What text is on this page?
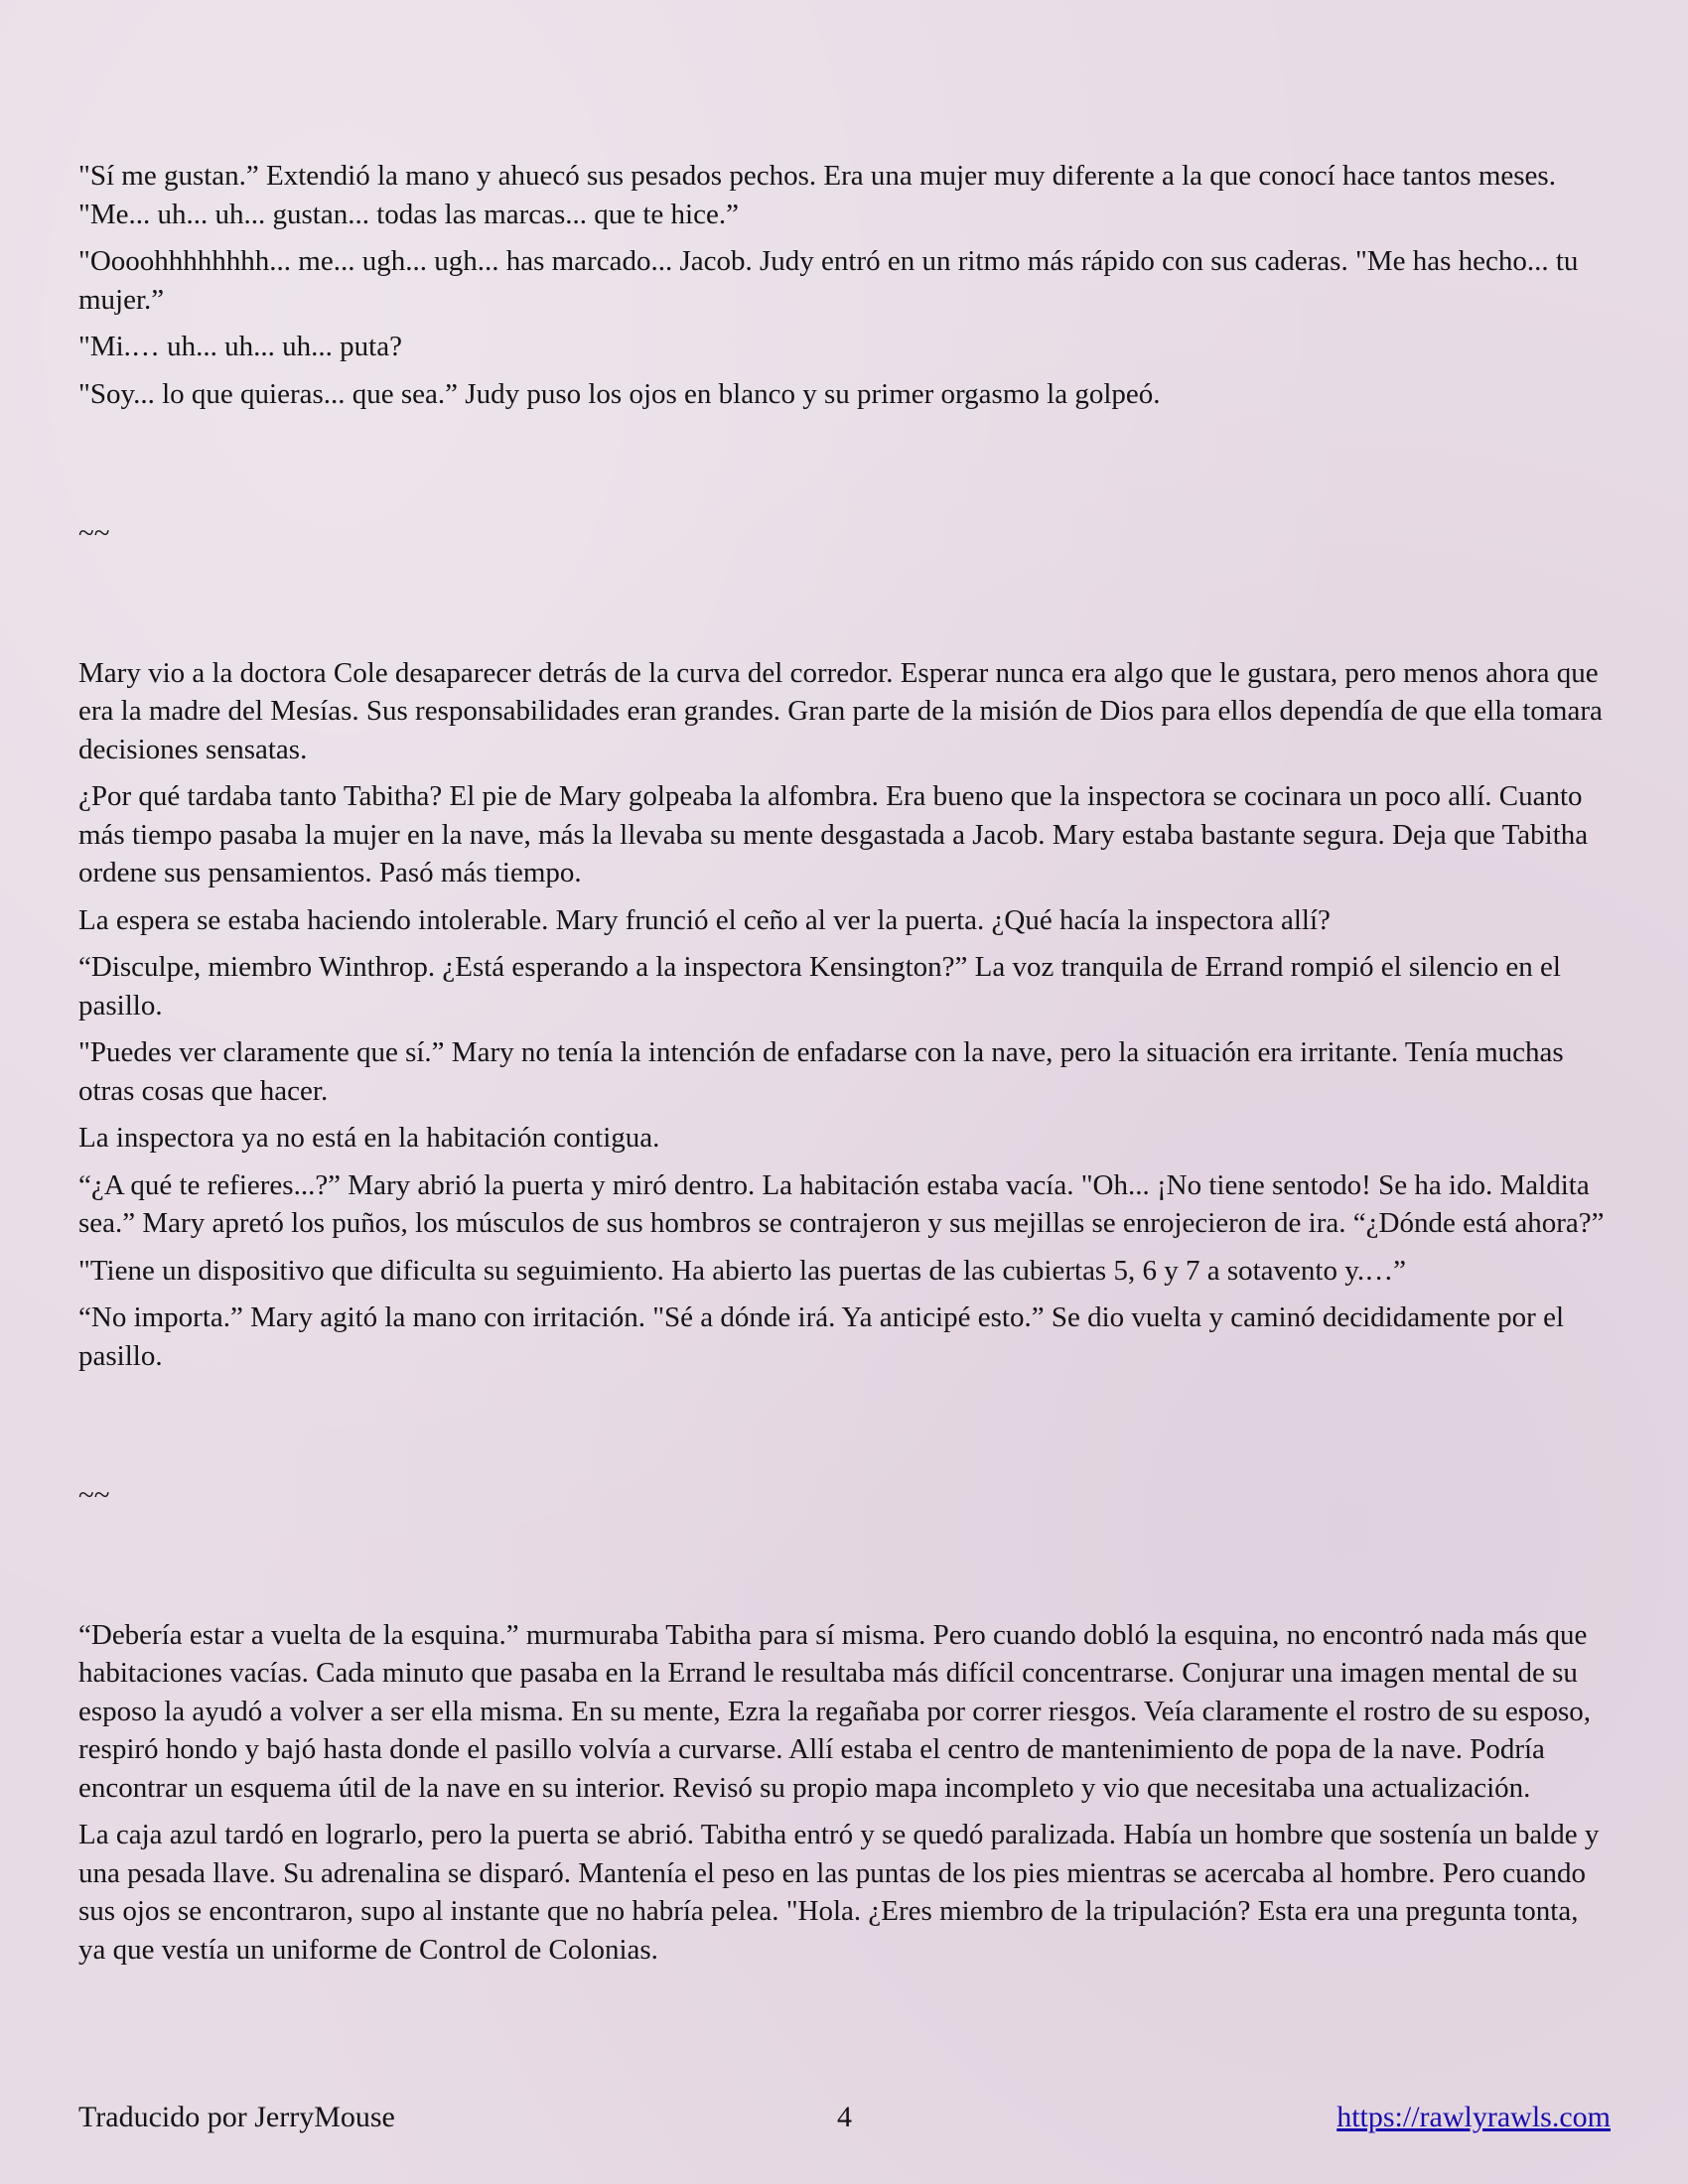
"Sí me gustan.” Extendió la mano y ahuecó sus pesados pechos. Era una mujer muy diferente a la que conocí hace tantos meses. "Me... uh... uh... gustan... todas las marcas... que te hice.”

"Oooohhhhhhhh... me... ugh... ugh... has marcado... Jacob. Judy entró en un ritmo más rápido con sus caderas. "Me has hecho... tu mujer.”

"Mi.… uh... uh... uh... puta?

"Soy... lo que quieras... que sea.” Judy puso los ojos en blanco y su primer orgasmo la golpeó.

~~

Mary vio a la doctora Cole desaparecer detrás de la curva del corredor. Esperar nunca era algo que le gustara, pero menos ahora que era la madre del Mesías. Sus responsabilidades eran grandes. Gran parte de la misión de Dios para ellos dependía de que ella tomara decisiones sensatas.

¿Por qué tardaba tanto Tabitha? El pie de Mary golpeaba la alfombra. Era bueno que la inspectora se cocinara un poco allí. Cuanto más tiempo pasaba la mujer en la nave, más la llevaba su mente desgastada a Jacob. Mary estaba bastante segura. Deja que Tabitha ordene sus pensamientos. Pasó más tiempo.

La espera se estaba haciendo intolerable. Mary frunció el ceño al ver la puerta. ¿Qué hacía la inspectora allí?

“Disculpe, miembro Winthrop. ¿Está esperando a la inspectora Kensington?” La voz tranquila de Errand rompió el silencio en el pasillo.

"Puedes ver claramente que sí.” Mary no tenía la intención de enfadarse con la nave, pero la situación era irritante. Tenía muchas otras cosas que hacer.

La inspectora ya no está en la habitación contigua.

“¿A qué te refieres...?” Mary abrió la puerta y miró dentro. La habitación estaba vacía. "Oh... ¡No tiene sentodo! Se ha ido. Maldita sea.” Mary apretó los puños, los músculos de sus hombros se contrajeron y sus mejillas se enrojecieron de ira. “¿Dónde está ahora?”

"Tiene un dispositivo que dificulta su seguimiento. Ha abierto las puertas de las cubiertas 5, 6 y 7 a sotavento y.…”

“No importa.” Mary agitó la mano con irritación. "Sé a dónde irá. Ya anticipé esto.” Se dio vuelta y caminó decididamente por el pasillo.

~~

“Debería estar a vuelta de la esquina.” murmuraba Tabitha para sí misma. Pero cuando dobló la esquina, no encontró nada más que habitaciones vacías. Cada minuto que pasaba en la Errand le resultaba más difícil concentrarse. Conjurar una imagen mental de su esposo la ayudó a volver a ser ella misma. En su mente, Ezra la regañaba por correr riesgos. Veía claramente el rostro de su esposo, respiró hondo y bajó hasta donde el pasillo volvía a curvarse. Allí estaba el centro de mantenimiento de popa de la nave. Podría encontrar un esquema útil de la nave en su interior. Revisó su propio mapa incompleto y vio que necesitaba una actualización.

La caja azul tardó en lograrlo, pero la puerta se abrió. Tabitha entró y se quedó paralizada. Había un hombre que sostenía un balde y una pesada llave. Su adrenalina se disparó. Mantenía el peso en las puntas de los pies mientras se acercaba al hombre. Pero cuando sus ojos se encontraron, supo al instante que no habría pelea. "Hola. ¿Eres miembro de la tripulación? Esta era una pregunta tonta, ya que vestía un uniforme de Control de Colonias.

Traducido por JerryMouse	4	https://rawlyrawls.com
